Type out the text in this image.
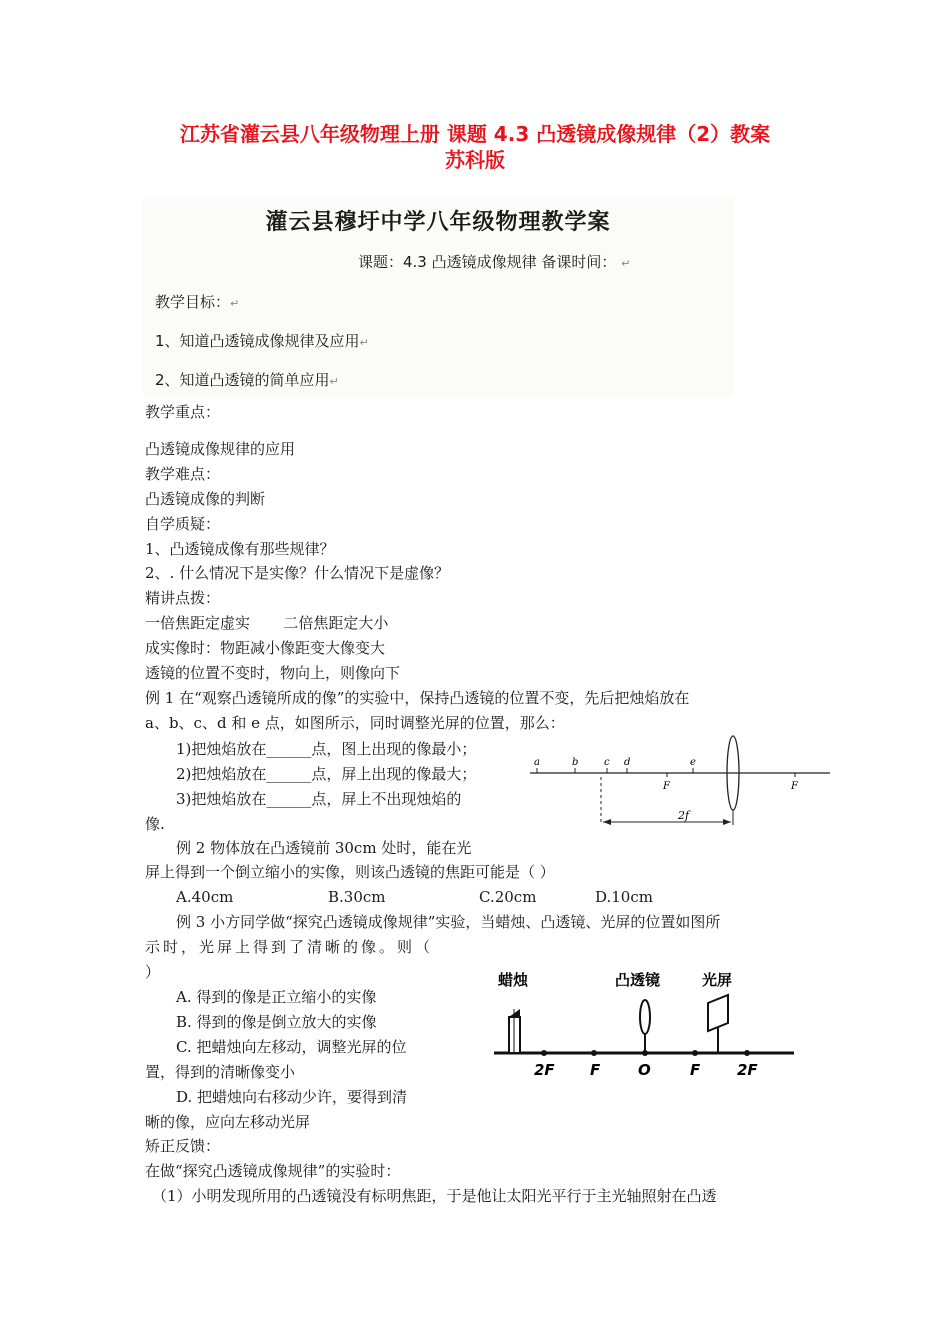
江苏省灌云县八年级物理上册 课题 4.3 凸透镜成像规律（2）教案
苏科版
灌云县穆圩中学八年级物理教学案
课题：4.3 凸透镜成像规律 备课时间： ↵
教学目标：↵
1、知道凸透镜成像规律及应用↵
2、知道凸透镜的简单应用↵
教学重点：
凸透镜成像规律的应用
教学难点：
凸透镜成像的判断
自学质疑：
1、凸透镜成像有那些规律？
2、. 什么情况下是实像？什么情况下是虚像？
精讲点拨：
一倍焦距定虚实       二倍焦距定大小
成实像时：物距减小像距变大像变大
透镜的位置不变时，物向上，则像向下
例 1 在“观察凸透镜所成的像”的实验中，保持凸透镜的位置不变，先后把烛焰放在
a、b、c、d 和 e 点，如图所示，同时调整光屏的位置，那么：
1)把烛焰放在______点，图上出现的像最小；
2)把烛焰放在______点，屏上出现的像最大；
3)把烛焰放在______点，屏上不出现烛焰的
像.
例 2 物体放在凸透镜前 30cm 处时，能在光
屏上得到一个倒立缩小的实像，则该凸透镜的焦距可能是（ ）
A.40cm	B.30cm	C.20cm	D.10cm
例 3 小方同学做“探究凸透镜成像规律”实验，当蜡烛、凸透镜、光屏的位置如图所
示时，光屏上得到了清晰的像。则（
）
A. 得到的像是正立缩小的实像
B. 得到的像是倒立放大的实像
C. 把蜡烛向左移动，调整光屏的位
置，得到的清晰像变小
D. 把蜡烛向右移动少许，要得到清
晰的像，应向左移动光屏
矫正反馈：
在做“探究凸透镜成像规律”的实验时：
（1）小明发现所用的凸透镜没有标明焦距，于是他让太阳光平行于主光轴照射在凸透
a	b	c d	e
F	F
2f
蜡烛	凸透镜	光屏
2F F	O	F 2F
